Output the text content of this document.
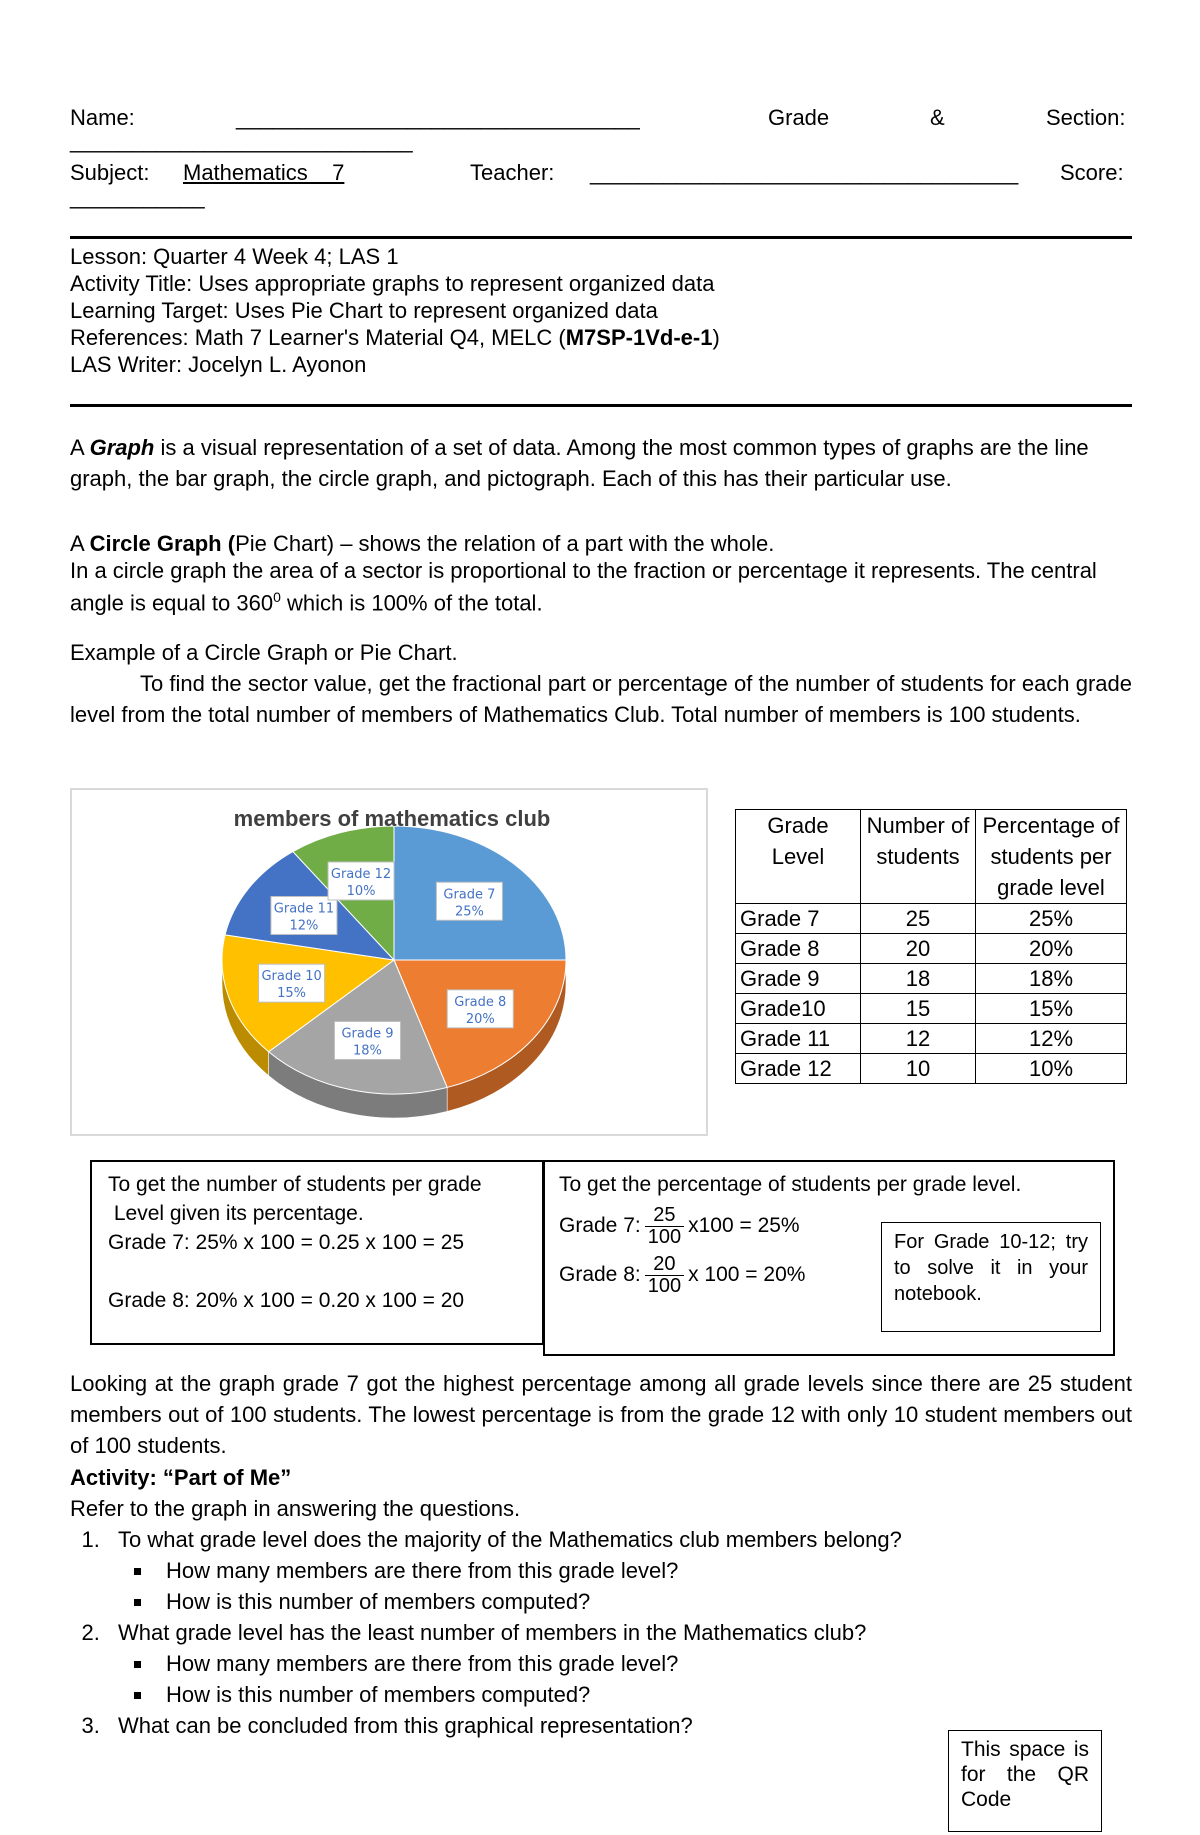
Name:	_________________________________	Grade	&	Section:
____________________________
Subject: Mathematics    7	Teacher: ___________________________________ Score:
___________
Lesson: Quarter 4 Week 4; LAS 1
Activity Title: Uses appropriate graphs to represent organized data
Learning Target: Uses Pie Chart to represent organized data
References: Math 7 Learner's Material Q4, MELC (M7SP-1Vd-e-1)
LAS Writer: Jocelyn L. Ayonon
A Graph is a visual representation of a set of data. Among the most common types of graphs are the line graph, the bar graph, the circle graph, and pictograph. Each of this has their particular use.
A Circle Graph (Pie Chart) – shows the relation of a part with the whole.
In a circle graph the area of a sector is proportional to the fraction or percentage it represents. The central angle is equal to $360^0$ which is 100% of the total.
Example of a Circle Graph or Pie Chart.
To find the sector value, get the fractional part or percentage of the number of students for each grade level from the total number of members of Mathematics Club. Total number of members is 100 students.
Grade 7
25%
Grade 8
20%
Grade 9
18%
Grade 10
15%
Grade 11
12%
Grade 12
10%
members of mathematics club	Grade Level	Number of students	Percentage of students per grade level
Grade 7	25	25%
Grade 8	20	20%
Grade 9	18	18%
Grade10	15	15%
Grade 11	12	12%
Grade 12	10	10%
To get the number of students per grade
Level given its percentage.
Grade 7: 25% x 100 = 0.25 x 100 = 25
Grade 8: 20% x 100 = 0.20 x 100 = 20
To get the percentage of students per grade level.
Grade 7: $\frac{25}{100} x100 = 25\%$
Grade 8: $\frac{20}{100}$ x 100 = 20%
For Grade 10-12; try to solve it in your notebook.
Looking at the graph grade 7 got the highest percentage among all grade levels since there are 25 student members out of 100 students. The lowest percentage is from the grade 12 with only 10 student members out of 100 students.
Activity: “Part of Me”
Refer to the graph in answering the questions.
1. To what grade level does the majority of the Mathematics club members belong?
▪ How many members are there from this grade level?
▪ How is this number of members computed?
2. What grade level has the least number of members in the Mathematics club?
▪ How many members are there from this grade level?
▪ How is this number of members computed?
3. What can be concluded from this graphical representation?
This space is for the QR Code
